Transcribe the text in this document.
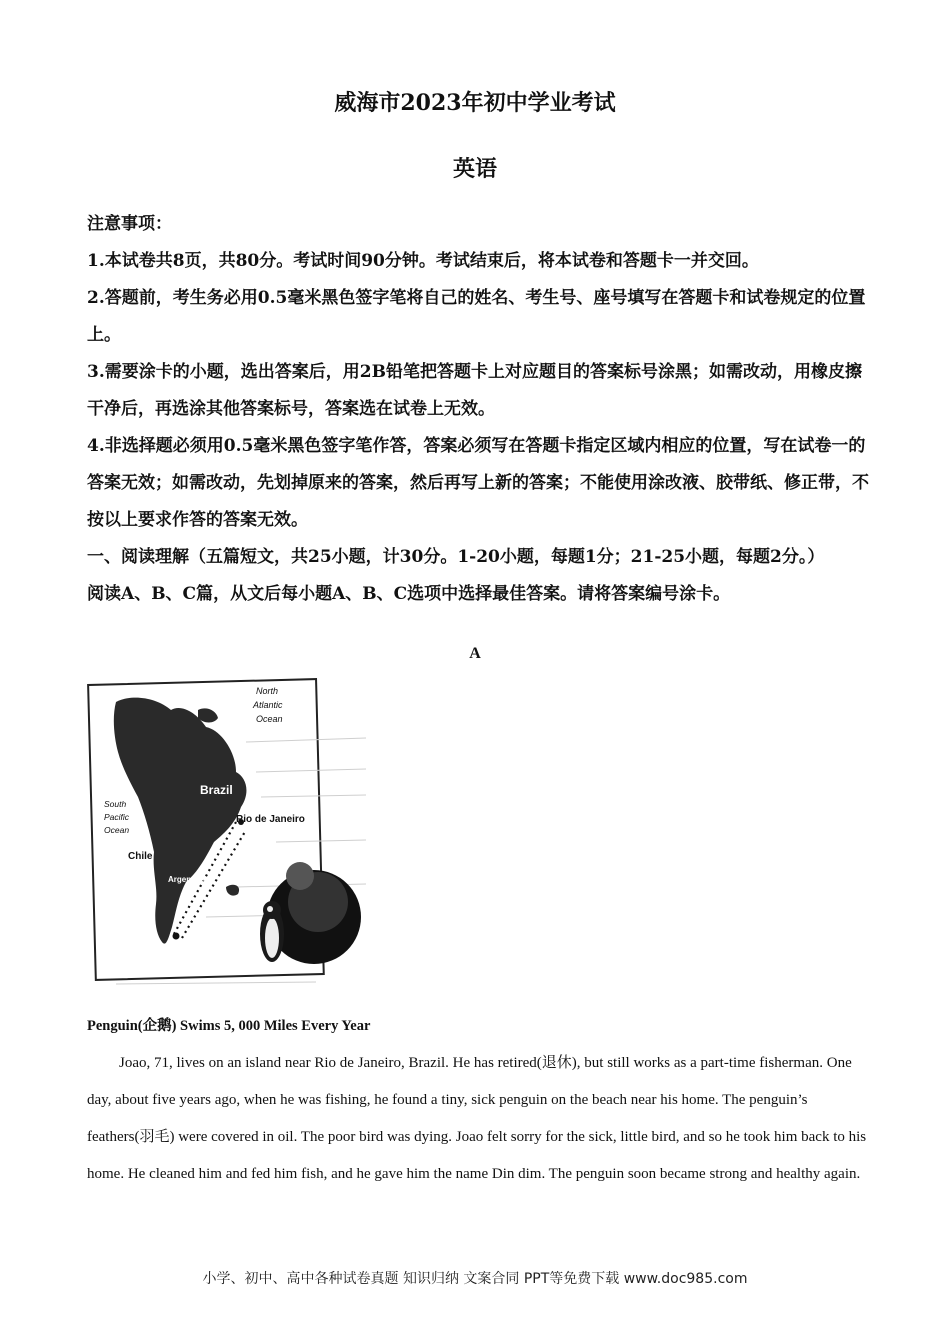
威海市2023年初中学业考试
英语

注意事项：

1.本试卷共8页，共80分。考试时间90分钟。考试结束后，将本试卷和答题卡一并交回。

2.答题前，考生务必用0.5毫米黑色签字笔将自己的姓名、考生号、座号填写在答题卡和试卷规定的位置上。

3.需要涂卡的小题，选出答案后，用2B铅笔把答题卡上对应题目的答案标号涂黑；如需改动，用橡皮擦干净后，再选涂其他答案标号，答案选在试卷上无效。

4.非选择题必须用0.5毫米黑色签字笔作答，答案必须写在答题卡指定区域内相应的位置，写在试卷一的答案无效；如需改动，先划掉原来的答案，然后再写上新的答案；不能使用涂改液、胶带纸、修正带，不按以上要求作答的答案无效。

一、阅读理解（五篇短文，共25小题，计30分。1-20小题，每题1分；21-25小题，每题2分。）

阅读A、B、C篇，从文后每小题A、B、C选项中选择最佳答案。请将答案编号涂卡。

A
North
Atlantic
Ocean
South
Pacific
Ocean
Brazil
Rio de Janeiro
Chile
Argentina
Penguin(企鹅) Swims 5, 000 Miles Every Year

Joao, 71, lives on an island near Rio de Janeiro, Brazil. He has retired(退休), but still works as a part-time fisherman. One day, about five years ago, when he was fishing, he found a tiny, sick penguin on the beach near his home. The penguin’s feathers(羽毛) were covered in oil. The poor bird was dying. Joao felt sorry for the sick, little bird, and so he took him back to his home. He cleaned him and fed him fish, and he gave him the name Din dim. The penguin soon became strong and healthy again.

小学、初中、高中各种试卷真题 知识归纳 文案合同 PPT等免费下载 www.doc985.com
